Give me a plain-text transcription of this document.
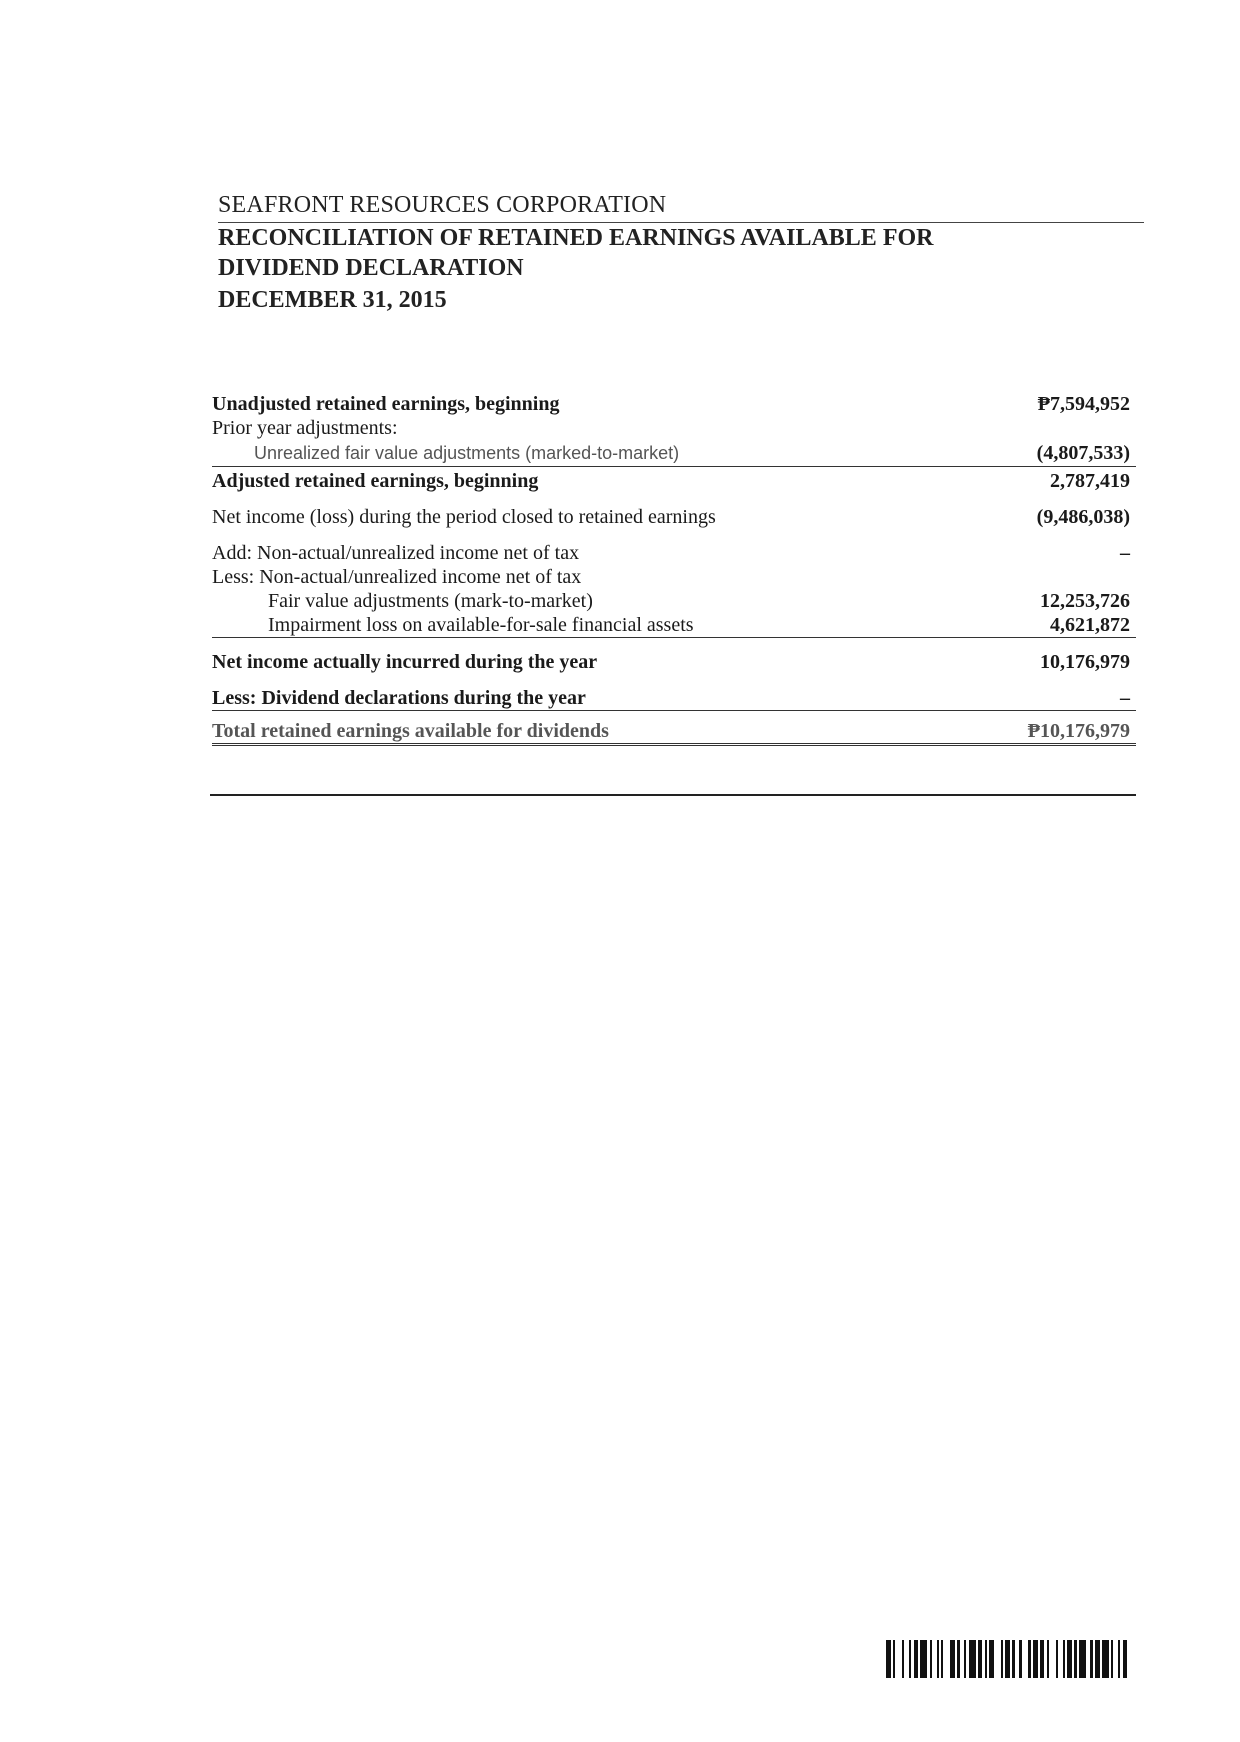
SEAFRONT RESOURCES CORPORATION
RECONCILIATION OF RETAINED EARNINGS AVAILABLE FOR DIVIDEND DECLARATION
DECEMBER 31, 2015
Unadjusted retained earnings, beginning	₱7,594,952
Prior year adjustments:
Unrealized fair value adjustments (marked-to-market)	(4,807,533)
Adjusted retained earnings, beginning	2,787,419
Net income (loss) during the period closed to retained earnings	(9,486,038)
Add: Non-actual/unrealized income net of tax	–
Less: Non-actual/unrealized income net of tax
Fair value adjustments (mark-to-market)	12,253,726
Impairment loss on available-for-sale financial assets	4,621,872
Net income actually incurred during the year	10,176,979
Less: Dividend declarations during the year	–
Total retained earnings available for dividends	₱10,176,979
